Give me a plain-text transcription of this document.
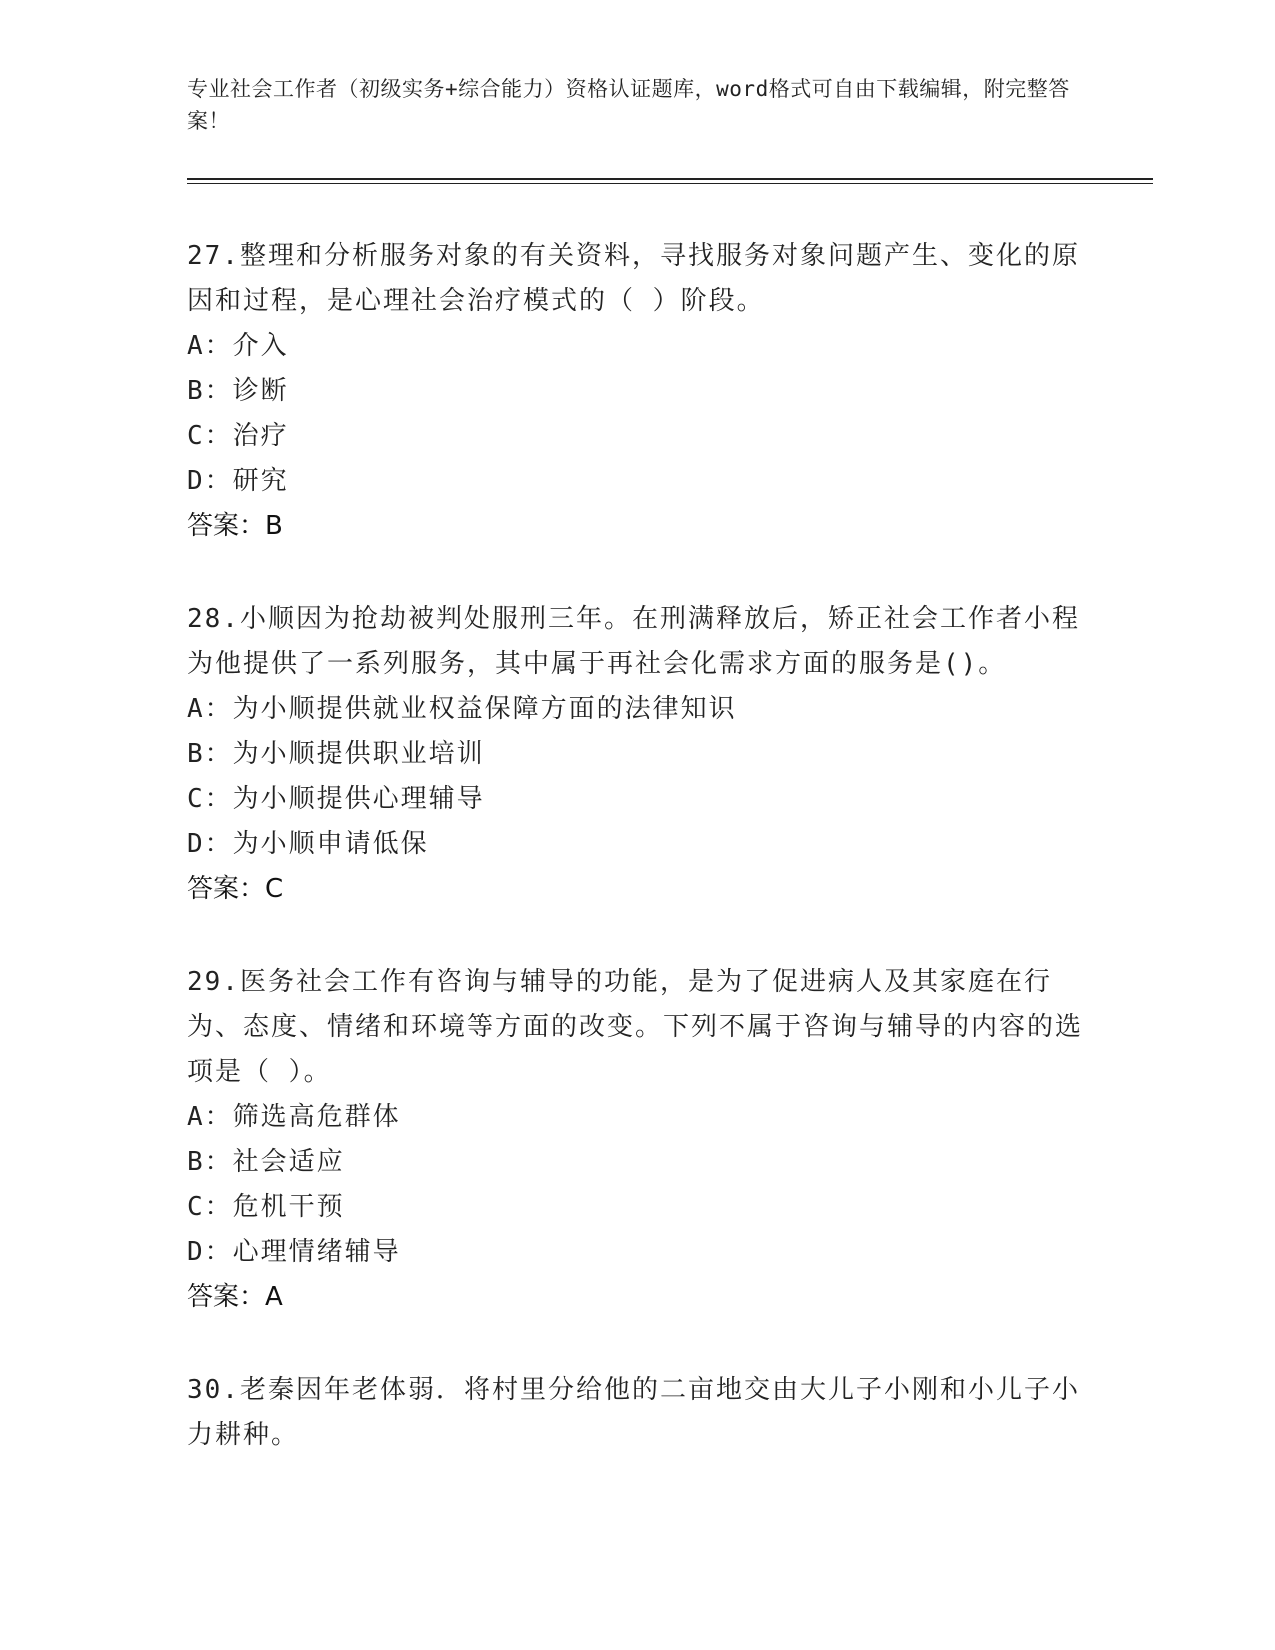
专业社会工作者（初级实务+综合能力）资格认证题库，word格式可自由下载编辑，附完整答案！

27.整理和分析服务对象的有关资料，寻找服务对象问题产生、变化的原因和过程，是心理社会治疗模式的（ ）阶段。

A：介入

B：诊断

C：治疗

D：研究

答案：B

28.小顺因为抢劫被判处服刑三年。在刑满释放后，矫正社会工作者小程为他提供了一系列服务，其中属于再社会化需求方面的服务是()。

A：为小顺提供就业权益保障方面的法律知识

B：为小顺提供职业培训

C：为小顺提供心理辅导

D：为小顺申请低保

答案：C

29.医务社会工作有咨询与辅导的功能，是为了促进病人及其家庭在行为、态度、情绪和环境等方面的改变。下列不属于咨询与辅导的内容的选项是（ ）。

A：筛选高危群体

B：社会适应

C：危机干预

D：心理情绪辅导

答案：A

30.老秦因年老体弱．将村里分给他的二亩地交由大儿子小刚和小儿子小力耕种。
